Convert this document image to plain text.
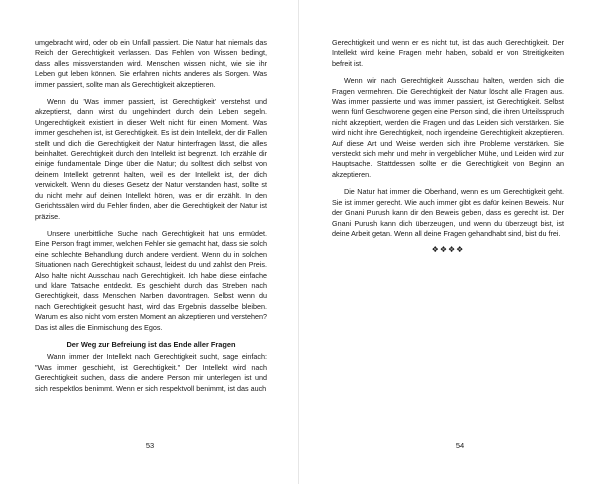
umgebracht wird, oder ob ein Unfall passiert. Die Natur hat niemals das Reich der Gerechtigkeit verlassen. Das Fehlen von Wissen bedingt, dass alles missverstanden wird. Menschen wissen nicht, wie sie ihr Leben gut leben können. Sie erfahren nichts anderes als Sorgen. Was immer passiert, sollte man als Gerechtigkeit akzeptieren.

Wenn du 'Was immer passiert, ist Gerechtigkeit' verstehst und akzeptierst, dann wirst du ungehindert durch dein Leben segeln. Ungerechtigkeit existiert in dieser Welt nicht für einen Moment. Was immer geschehen ist, ist Gerechtigkeit. Es ist dein Intellekt, der dir Fallen stellt und dich die Gerechtigkeit der Natur hinterfragen lässt, die alles beinhaltet. Gerechtigkeit durch den Intellekt ist begrenzt. Ich erzähle dir einige fundamentale Dinge über die Natur; du solltest dich selbst von deinem Intellekt getrennt halten, weil es der Intellekt ist, der dich verwickelt. Wenn du dieses Gesetz der Natur verstanden hast, sollte st du nicht mehr auf deinen Intellekt hören, was er dir erzählt. In den Gerichtssälen wird du Fehler finden, aber die Gerechtigkeit der Natur ist präzise.

Unsere unerbittliche Suche nach Gerechtigkeit hat uns ermüdet. Eine Person fragt immer, welchen Fehler sie gemacht hat, dass sie solch eine schlechte Behandlung durch andere verdient. Wenn du in solchen Situationen nach Gerechtigkeit schaust, leidest du und zahlst den Preis. Also halte nicht Ausschau nach Gerechtigkeit. Ich habe diese einfache und klare Tatsache entdeckt. Es geschieht durch das Streben nach Gerechtigkeit, dass Menschen Narben davontragen. Selbst wenn du nach Gerechtigkeit gesucht hast, wird das Ergebnis dasselbe bleiben. Warum es also nicht vom ersten Moment an akzeptieren und verstehen? Das ist alles die Einmischung des Egos.

Der Weg zur Befreiung ist das Ende aller Fragen

Wann immer der Intellekt nach Gerechtigkeit sucht, sage einfach: "Was immer geschieht, ist Gerechtigkeit." Der Intellekt wird nach Gerechtigkeit suchen, dass die andere Person mir unterlegen ist und sich respektlos benimmt. Wenn er sich respektvoll benimmt, ist das auch

53

Gerechtigkeit und wenn er es nicht tut, ist das auch Gerechtigkeit. Der Intellekt wird keine Fragen mehr haben, sobald er von Streitigkeiten befreit ist.

Wenn wir nach Gerechtigkeit Ausschau halten, werden sich die Fragen vermehren. Die Gerechtigkeit der Natur löscht alle Fragen aus. Was immer passierte und was immer passiert, ist Gerechtigkeit. Selbst wenn fünf Geschworene gegen eine Person sind, die ihren Urteilsspruch nicht akzeptiert, werden die Fragen und das Leiden sich verstärken. Sie wird nicht ihre Gerechtigkeit, noch irgendeine Gerechtigkeit akzeptieren. Auf diese Art und Weise werden sich ihre Probleme verstärken. Sie versteckt sich mehr und mehr in vergeblicher Mühe, und Leiden wird zur Hauptsache. Stattdessen sollte er die Gerechtigkeit von Beginn an akzeptieren.

Die Natur hat immer die Oberhand, wenn es um Gerechtigkeit geht. Sie ist immer gerecht. Wie auch immer gibt es dafür keinen Beweis. Nur der Gnani Purush kann dir den Beweis geben, dass es gerecht ist. Der Gnani Purush kann dich überzeugen, und wenn du überzeugt bist, ist deine Arbeit getan. Wenn all deine Fragen gehandhabt sind, bist du frei.

❖❖❖❖
54
